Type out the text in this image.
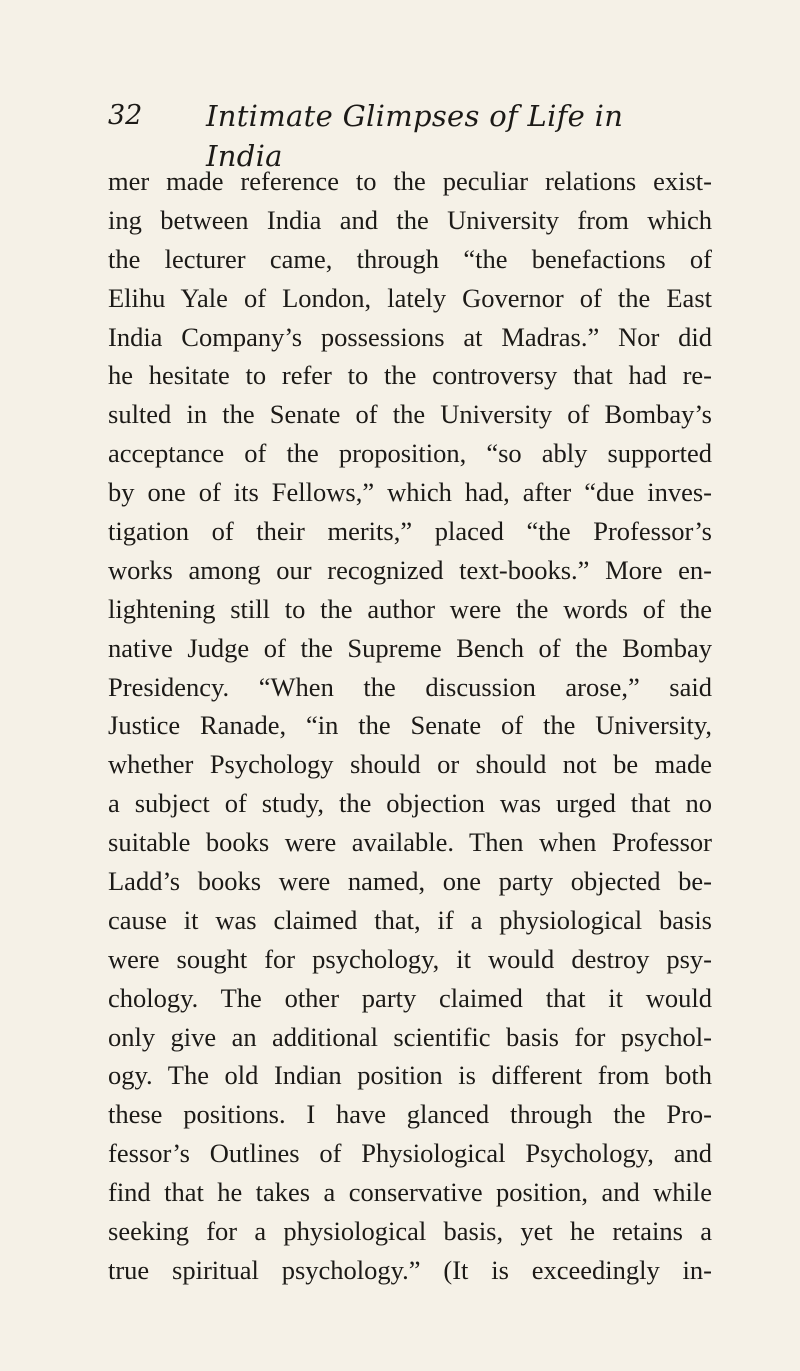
32 Intimate Glimpses of Life in India
mer made reference to the peculiar relations exist-
ing between India and the University from which
the lecturer came, through “the benefactions of
Elihu Yale of London, lately Governor of the East
India Company’s possessions at Madras.” Nor did
he hesitate to refer to the controversy that had re-
sulted in the Senate of the University of Bombay’s
acceptance of the proposition, “so ably supported
by one of its Fellows,” which had, after “due inves-
tigation of their merits,” placed “the Professor’s
works among our recognized text-books.” More en-
lightening still to the author were the words of the
native Judge of the Supreme Bench of the Bombay
Presidency. “When the discussion arose,” said
Justice Ranade, “in the Senate of the University,
whether Psychology should or should not be made
a subject of study, the objection was urged that no
suitable books were available. Then when Professor
Ladd’s books were named, one party objected be-
cause it was claimed that, if a physiological basis
were sought for psychology, it would destroy psy-
chology. The other party claimed that it would
only give an additional scientific basis for psychol-
ogy. The old Indian position is different from both
these positions. I have glanced through the Pro-
fessor’s Outlines of Physiological Psychology, and
find that he takes a conservative position, and while
seeking for a physiological basis, yet he retains a
true spiritual psychology.” (It is exceedingly in-
